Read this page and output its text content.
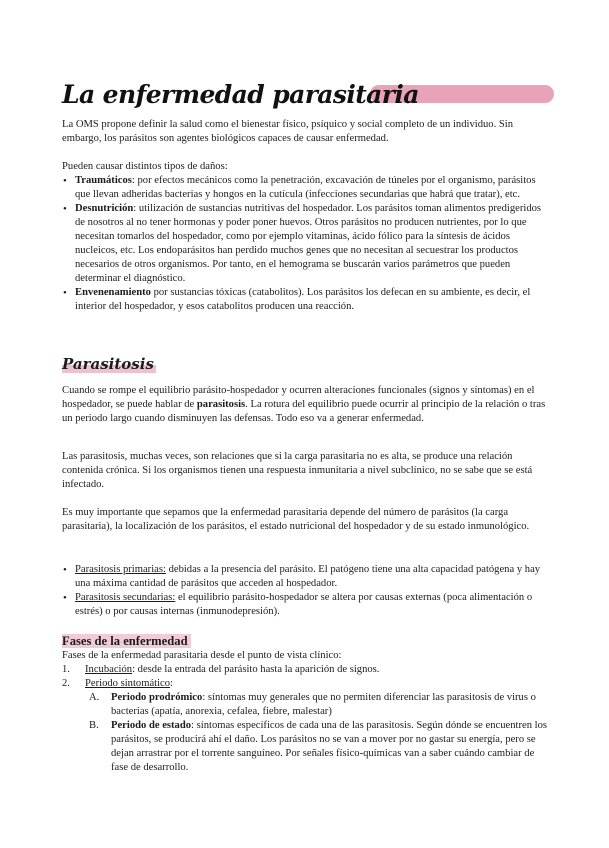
La enfermedad parasitaria

La OMS propone definir la salud como el bienestar físico, psíquico y social completo de un individuo. Sin embargo, los parásitos son agentes biológicos capaces de causar enfermedad.

Pueden causar distintos tipos de daños:
• Traumáticos: por efectos mecánicos como la penetración, excavación de túneles por el organismo, parásitos que llevan adheridas bacterias y hongos en la cutícula (infecciones secundarias que habrá que tratar), etc.
• Desnutrición: utilización de sustancias nutritivas del hospedador. Los parásitos toman alimentos predigeridos de nosotros al no tener hormonas y poder poner huevos. Otros parásitos no producen nutrientes, por lo que necesitan tomarlos del hospedador, como por ejemplo vitaminas, ácido fólico para la síntesis de ácidos nucleicos, etc. Los endoparásitos han perdido muchos genes que no necesitan al secuestrar los productos necesarios de otros organismos. Por tanto, en el hemograma se buscarán varios parámetros que pueden determinar el diagnóstico.
• Envenenamiento por sustancias tóxicas (catabolitos). Los parásitos los defecan en su ambiente, es decir, el interior del hospedador, y esos catabolitos producen una reacción.
Parasitosis

Cuando se rompe el equilibrio parásito-hospedador y ocurren alteraciones funcionales (signos y síntomas) en el hospedador, se puede hablar de parasitosis. La rotura del equilibrio puede ocurrir al principio de la relación o tras un periodo largo cuando disminuyen las defensas. Todo eso va a generar enfermedad.

Las parasitosis, muchas veces, son relaciones que si la carga parasitaria no es alta, se produce una relación contenida crónica. Si los organismos tienen una respuesta inmunitaria a nivel subclínico, no se sabe que se está infectado.

Es muy importante que sepamos que la enfermedad parasitaria depende del número de parásitos (la carga parasitaria), la localización de los parásitos, el estado nutricional del hospedador y de su estado inmunológico.

• Parasitosis primarias: debidas a la presencia del parásito. El patógeno tiene una alta capacidad patógena y hay una máxima cantidad de parásitos que acceden al hospedador.
• Parasitosis secundarias: el equilibrio parásito-hospedador se altera por causas externas (poca alimentación o estrés) o por causas internas (inmunodepresión).
Fases de la enfermedad
Fases de la enfermedad parasitaria desde el punto de vista clínico:
1. Incubación: desde la entrada del parásito hasta la aparición de signos.
2. Periodo sintomático:
A. Periodo prodrómico: síntomas muy generales que no permiten diferenciar las parasitosis de virus o bacterias (apatía, anorexia, cefalea, fiebre, malestar)
B. Periodo de estado: síntomas específicos de cada una de las parasitosis. Según dónde se encuentren los parásitos, se producirá ahí el daño. Los parásitos no se van a mover por no gastar su energía, pero se dejan arrastrar por el torrente sanguíneo. Por señales físico-químicas van a saber cuándo cambiar de fase de desarrollo.
